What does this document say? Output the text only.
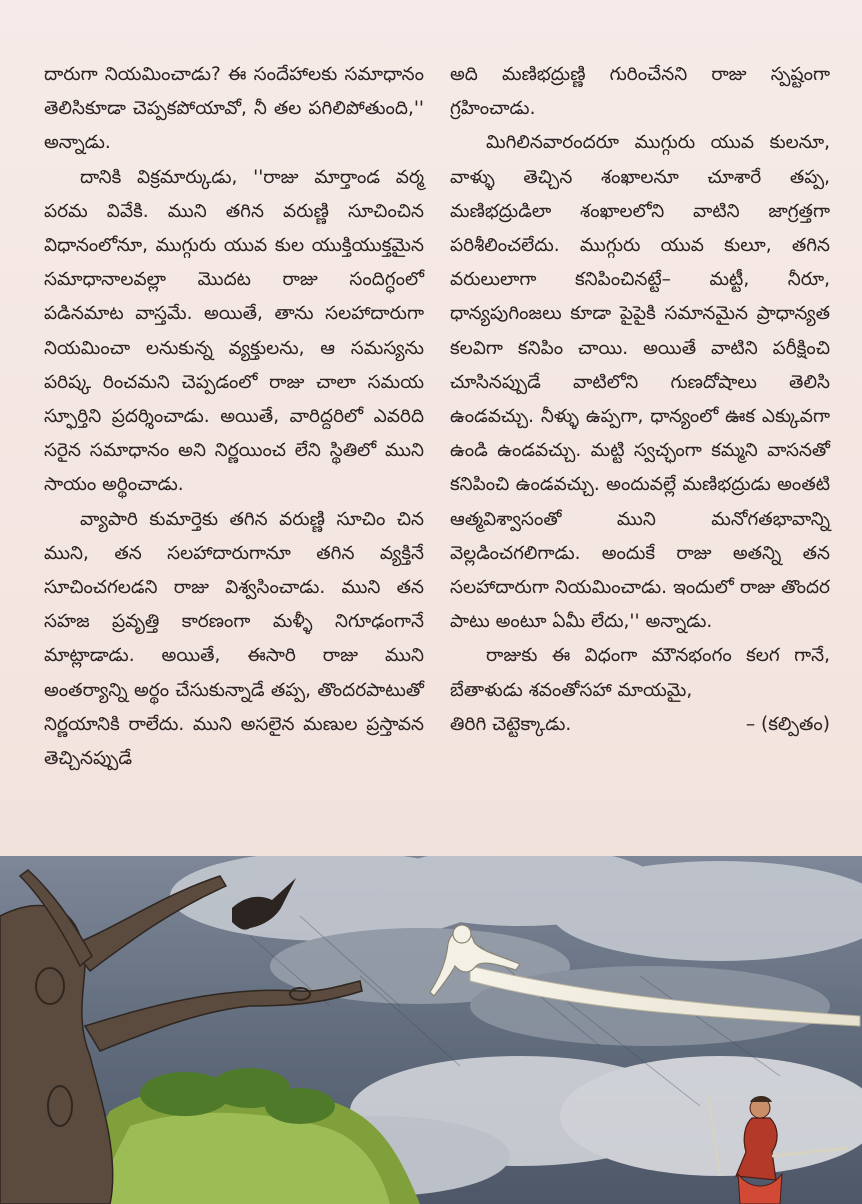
దారుగా నియమించాడు? ఈ సందేహాలకు సమాధానం తెలిసికూడా చెప్పకపోయావో, నీ తల పగిలిపోతుంది,'' అన్నాడు.

దానికి విక్రమార్కుడు, ''రాజు మార్తాండ వర్మ పరమ వివేకి. ముని తగిన వరుణ్ణి సూచించిన విధానంలోనూ, ముగ్గురు యువ కుల యుక్తియుక్తమైన సమాధానాలవల్లా మొదట రాజు సందిగ్ధంలో పడినమాట వాస్తమే. అయితే, తాను సలహాదారుగా నియమించా లనుకున్న వ్యక్తులను, ఆ సమస్యను పరిష్క రించమని చెప్పడంలో రాజు చాలా సమయ స్ఫూర్తిని ప్రదర్శించాడు. అయితే, వారిద్దరిలో ఎవరిది సరైన సమాధానం అని నిర్ణయించ లేని స్థితిలో ముని సాయం అర్థించాడు.

వ్యాపారి కుమార్తెకు తగిన వరుణ్ణి సూచిం చిన ముని, తన సలహాదారుగానూ తగిన వ్యక్తినే సూచించగలడని రాజు విశ్వసించాడు. ముని తన సహజ ప్రవృత్తి కారణంగా మళ్ళీ నిగూఢంగానే మాట్లాడాడు. అయితే, ఈసారి రాజు ముని అంతర్యాన్ని అర్థం చేసుకున్నాడే తప్ప, తొందరపాటుతో నిర్ణయానికి రాలేదు. ముని అసలైన మణుల ప్రస్తావన తెచ్చినప్పుడే

అది మణిభద్రుణ్ణి గురించేనని రాజు స్పష్టంగా గ్రహించాడు.

మిగిలినవారందరూ ముగ్గురు యువ కులనూ, వాళ్ళు తెచ్చిన శంఖాలనూ చూశారే తప్ప, మణిభద్రుడిలా శంఖాలలోని వాటిని జాగ్రత్తగా పరిశీలించలేదు. ముగ్గురు యువ కులూ, తగిన వరులులాగా కనిపించినట్టే– మట్టీ, నీరూ, ధాన్యపుగింజలు కూడా పైపైకి సమానమైన ప్రాధాన్యత కలవిగా కనిపిం చాయి. అయితే వాటిని పరీక్షించి చూసినప్పుడే వాటిలోని గుణదోషాలు తెలిసి ఉండవచ్చు. నీళ్ళు ఉప్పగా, ధాన్యంలో ఊక ఎక్కువగా ఉండి ఉండవచ్చు. మట్టి స్వచ్ఛంగా కమ్మని వాసనతో కనిపించి ఉండవచ్చు. అందువల్లే మణిభద్రుడు అంతటి ఆత్మవిశ్వాసంతో ముని మనోగతభావాన్ని వెల్లడించగలిగాడు. అందుకే రాజు అతన్ని తన సలహాదారుగా నియమించాడు. ఇందులో రాజు తొందర పాటు అంటూ ఏమీ లేదు,'' అన్నాడు.

రాజుకు ఈ విధంగా మౌనభంగం కలగ గానే, బేతాళుడు శవంతోసహా మాయమై,

తిరిగి చెట్టెక్కాడు.	– (కల్పితం)
